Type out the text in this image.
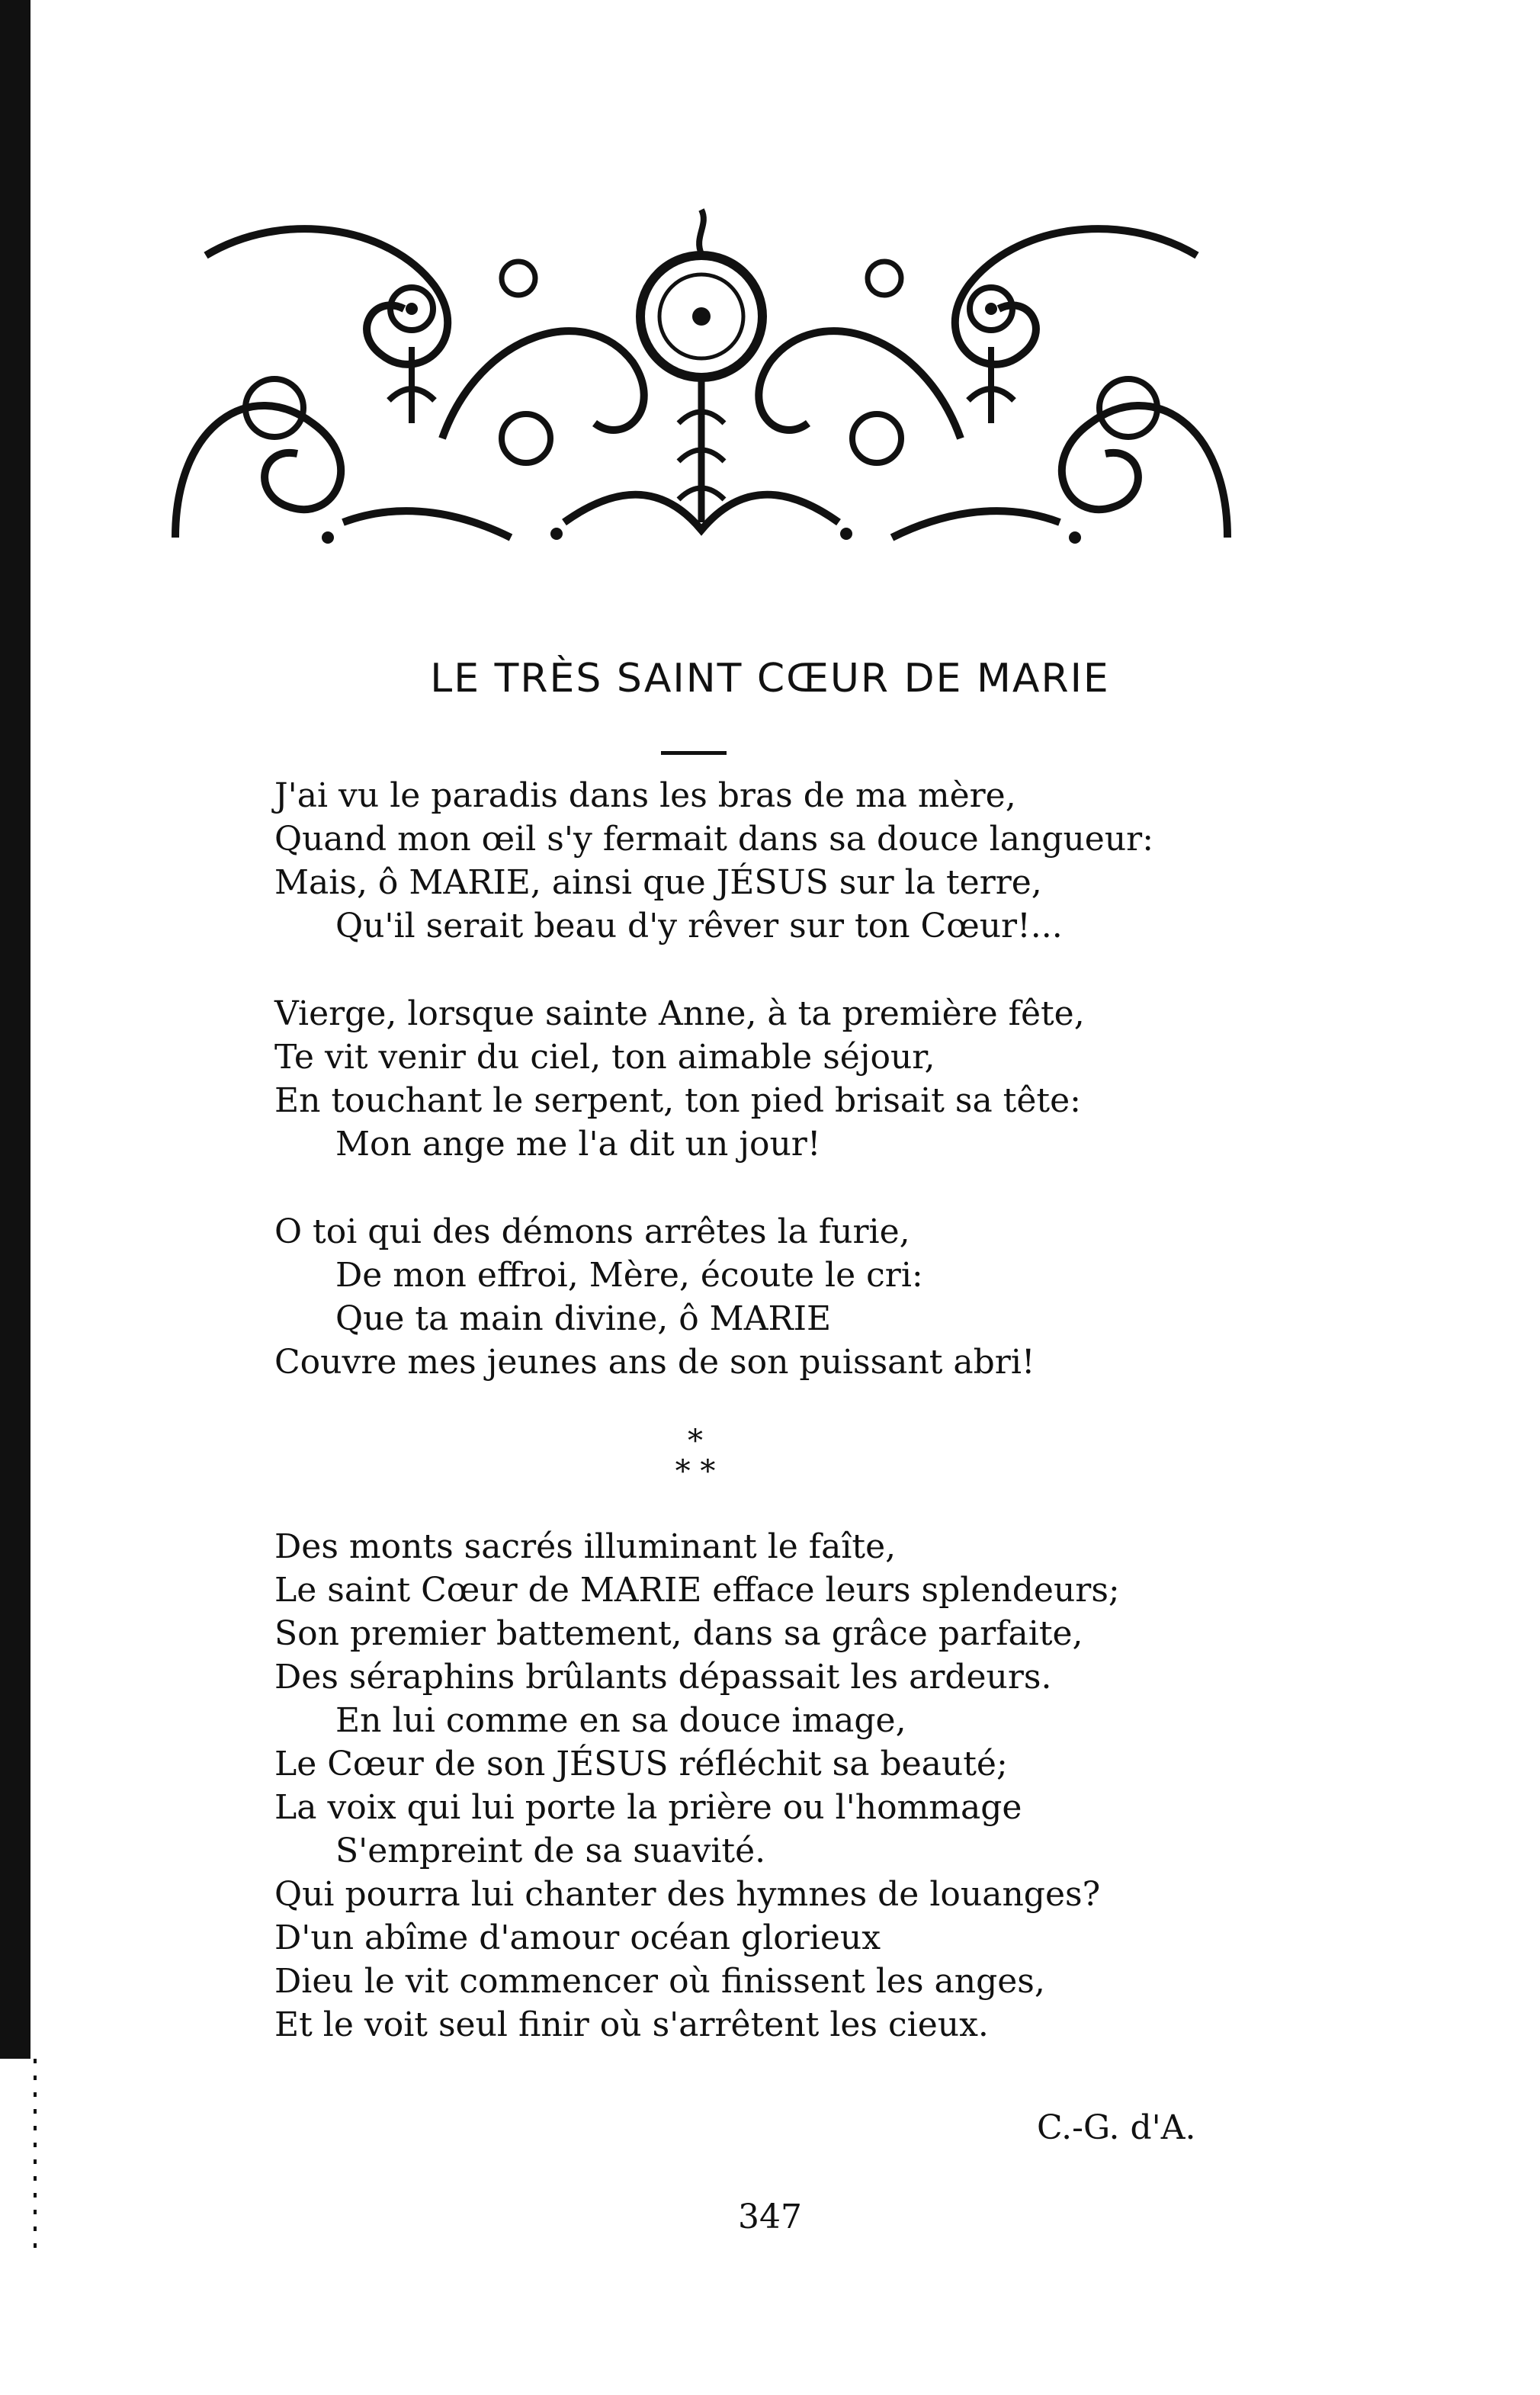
LE TRÈS SAINT CŒUR DE MARIE
J'ai vu le paradis dans les bras de ma mère,
Quand mon œil s'y fermait dans sa douce langueur:
Mais, ô MARIE, ainsi que JÉSUS sur la terre,
Qu'il serait beau d'y rêver sur ton Cœur!...
Vierge, lorsque sainte Anne, à ta première fête,
Te vit venir du ciel, ton aimable séjour,
En touchant le serpent, ton pied brisait sa tête:
Mon ange me l'a dit un jour!
O toi qui des démons arrêtes la furie,
De mon effroi, Mère, écoute le cri:
Que ta main divine, ô MARIE
Couvre mes jeunes ans de son puissant abri!
*
* *
Des monts sacrés illuminant le faîte,
Le saint Cœur de MARIE efface leurs splendeurs;
Son premier battement, dans sa grâce parfaite,
Des séraphins brûlants dépassait les ardeurs.
En lui comme en sa douce image,
Le Cœur de son JÉSUS réfléchit sa beauté;
La voix qui lui porte la prière ou l'hommage
S'empreint de sa suavité.
Qui pourra lui chanter des hymnes de louanges?
D'un abîme d'amour océan glorieux
Dieu le vit commencer où finissent les anges,
Et le voit seul finir où s'arrêtent les cieux.
C.-G. d'A.
347
